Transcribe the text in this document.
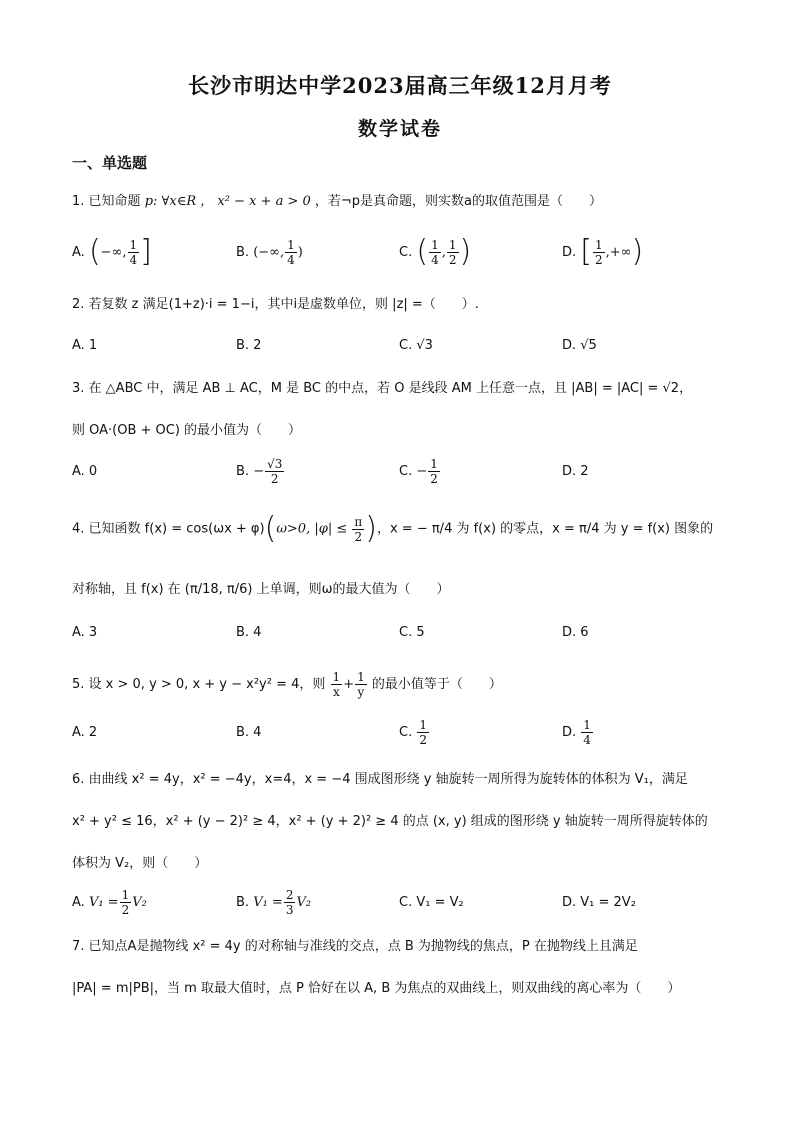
长沙市明达中学2023届高三年级12月月考
数学试卷
一、单选题
1. 已知命题 p: ∀x∈R ， x² − x + a > 0 ，若¬p是真命题，则实数a的取值范围是（　　）
A.
( −∞, $\frac{1}{4}$ ]	B.
(−∞, $\frac{1}{4}$ )	C.
( $\frac{1}{4}$ , $\frac{1}{2}$ )	D.
[ $\frac{1}{2}$ ,+∞ )
2. 若复数 z 满足(1+z)·i = 1−i，其中i是虚数单位，则 |z| =（　　）.
A. 1	B. 2	C. √3	D. √5
3. 在 △ABC 中，满足 AB ⊥ AC，M 是 BC 的中点，若 O 是线段 AM 上任意一点，且 |AB| = |AC| = √2，
则 OA·(OB + OC) 的最小值为（　　）
A. 0	B.
− $\frac{√3}{2}$	C.
− $\frac{1}{2}$	D. 2
4. 已知函数 f(x) = cos(ωx + φ)(ω>0, $|\varphi| \le \frac{\pi}{2}$ )，x = − π/4 为 f(x) 的零点，x = π/4 为 y = f(x) 图象的
对称轴，且 f(x) 在 (π/18, π/6) 上单调，则ω的最大值为（　　）
A. 3	B. 4	C. 5	D. 6
5. 设 x > 0, y > 0, x + y − x²y² = 4，则 $\frac{1}{x} + \frac{1}{y}$ 的最小值等于（　　）
A. 2	B. 4	C.
$\frac{1}{2}$	D.
$\frac{1}{4}$
6. 由曲线 x² = 4y，x² = −4y，x=4，x = −4 围成图形绕 y 轴旋转一周所得为旋转体的体积为 V₁，满足
x² + y² ≤ 16，x² + (y − 2)² ≥ 4，x² + (y + 2)² ≥ 4 的点 (x, y) 组成的图形绕 y 轴旋转一周所得旋转体的
体积为 V₂，则（　　）
A.
$V_1 = \frac{1}{2} V_2$	B.
$V_1 = \frac{2}{3} V_2$	C. V₁ = V₂	D. V₁ = 2V₂
7. 已知点A是抛物线 x² = 4y 的对称轴与准线的交点，点 B 为抛物线的焦点，P 在抛物线上且满足
|PA| = m|PB|，当 m 取最大值时，点 P 恰好在以 A, B 为焦点的双曲线上，则双曲线的离心率为（　　）
